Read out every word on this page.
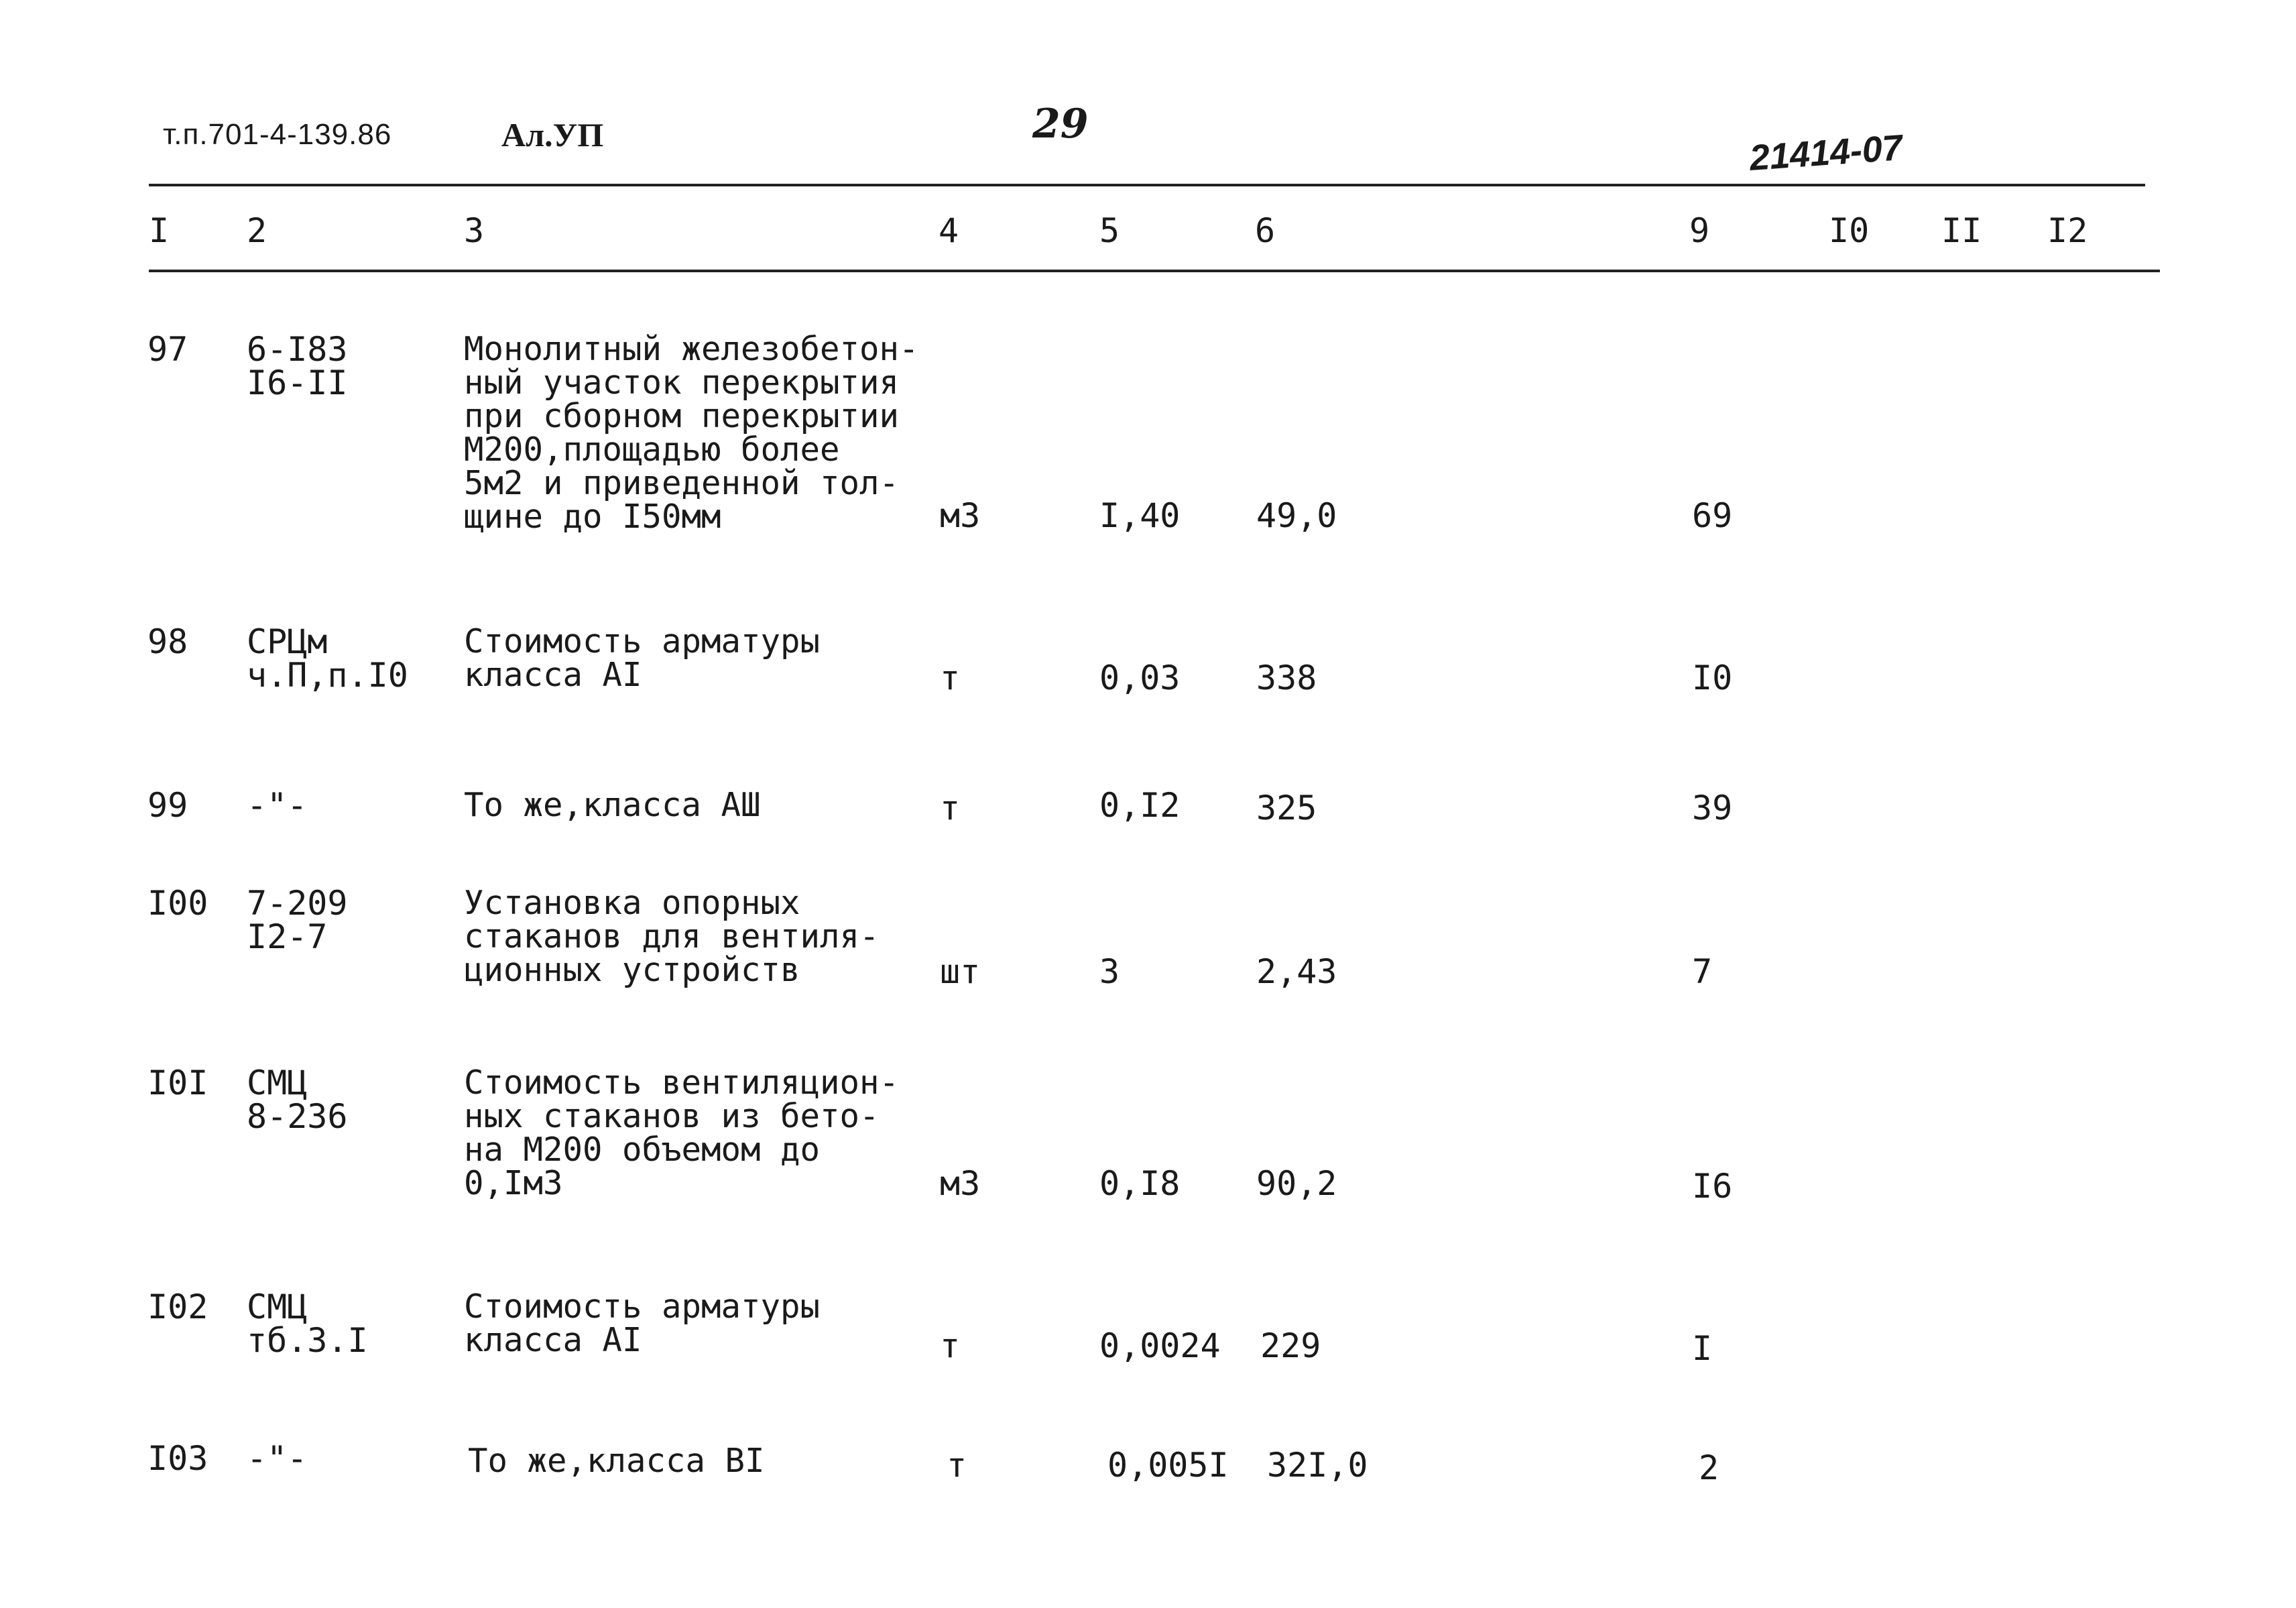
т.п.701-4-139.86	Ал.УП	29
21414-07
I 2	3	4	5	6	9	I0 II I2
97 6-I83
I6-II
Монолитный железобетон-
ный участок перекрытия
при сборном перекрытии
М200,площадью более
5м2 и приведенной тол-
щине до I50мм	м3	I,40 49,0	69
98 СРЦм
ч.П,п.I0
Стоимость арматуры
класса АI	т	0,03 338	I0
99 -"-	То же,класса АШ	т	0,I2 325	39
I00 7-209
I2-7
Установка опорных
стаканов для вентиля-
ционных устройств	шт	3	2,43	7
I0I СМЦ
8-236
Стоимость вентиляцион-
ных стаканов из бето-
на М200 объемом до
0,Iм3	м3	0,I8 90,2	I6
I02 СМЦ
тб.3.I
Стоимость арматуры
класса АI	т	0,0024 229	I
I03 -"-	То же,класса ВI	т	0,005I 32I,0	2
